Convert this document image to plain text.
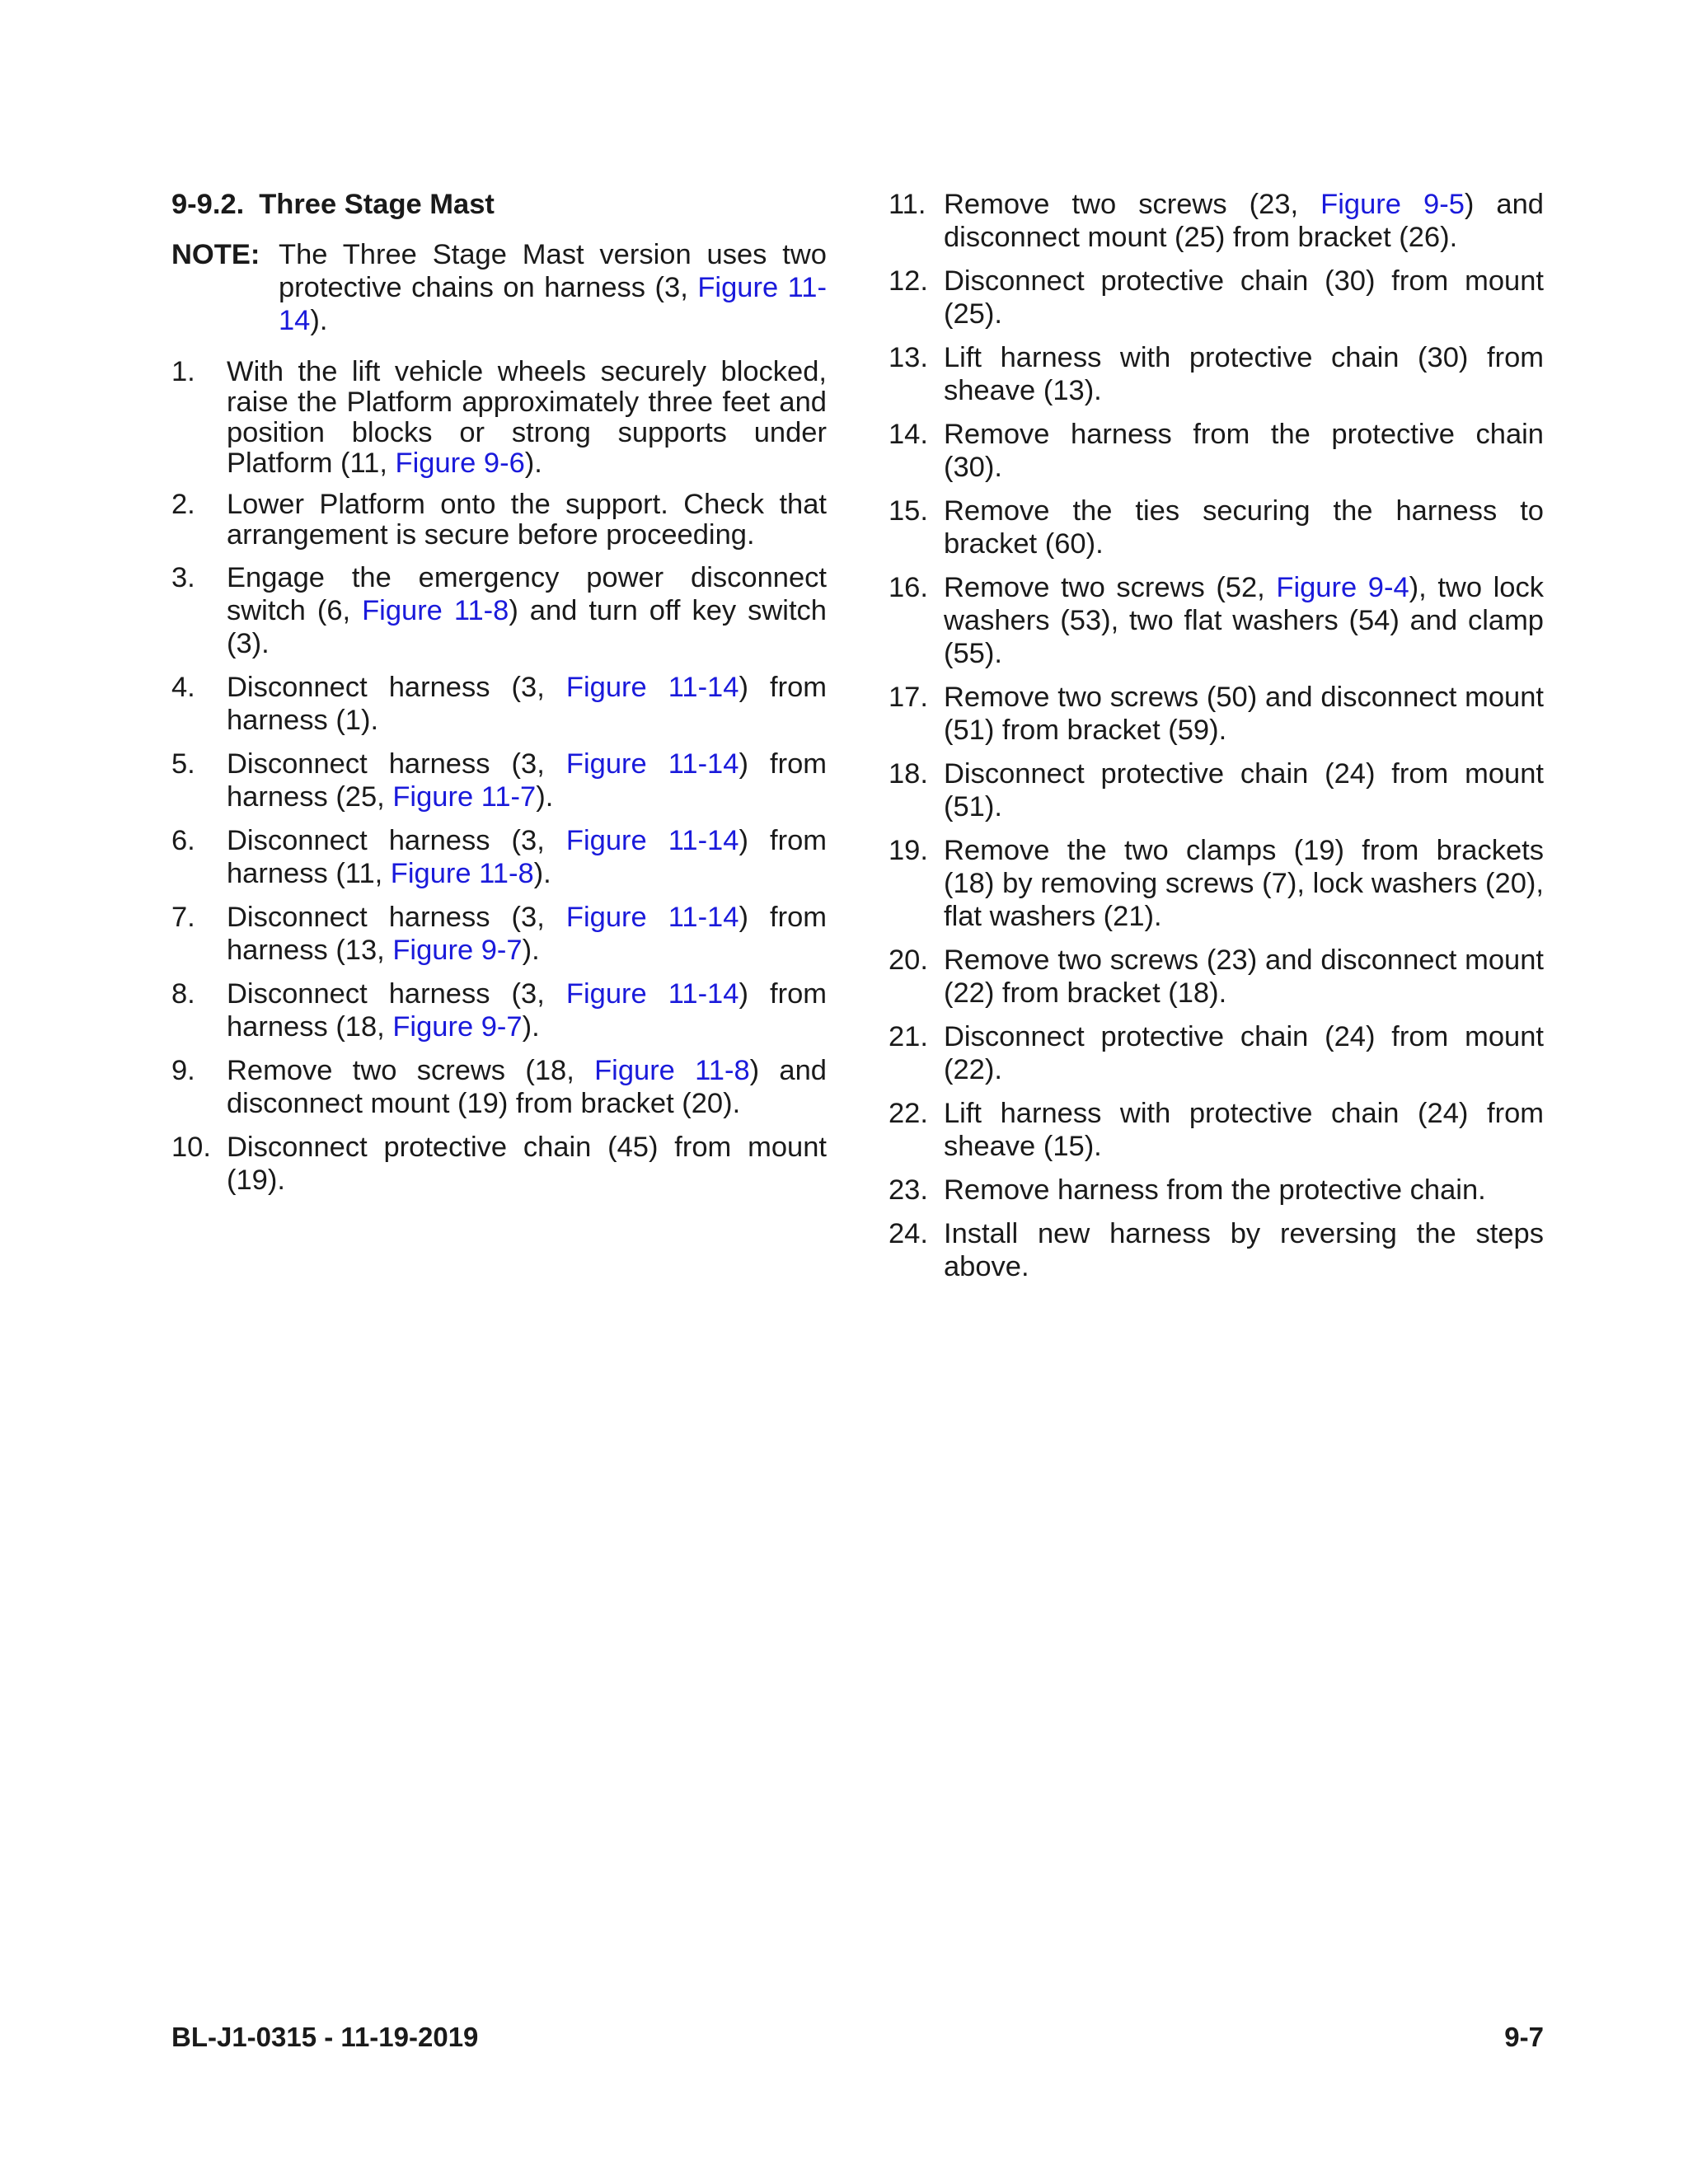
9-9.2. Three Stage Mast
NOTE: The Three Stage Mast version uses two protective chains on harness (3, Figure 11-14).
1.	With the lift vehicle wheels securely blocked, raise the Platform approximately three feet and position blocks or strong supports under Platform (11, Figure 9-6).
2.	Lower Platform onto the support. Check that arrangement is secure before proceeding.
3.	Engage the emergency power disconnect switch (6, Figure 11-8) and turn off key switch (3).
4.	Disconnect harness (3, Figure 11-14) from harness (1).
5.	Disconnect harness (3, Figure 11-14) from harness (25, Figure 11-7).
6.	Disconnect harness (3, Figure 11-14) from harness (11, Figure 11-8).
7.	Disconnect harness (3, Figure 11-14) from harness (13, Figure 9-7).
8.	Disconnect harness (3, Figure 11-14) from harness (18, Figure 9-7).
9.	Remove two screws (18, Figure 11-8) and disconnect mount (19) from bracket (20).
10. Disconnect protective chain (45) from mount (19).
11. Remove two screws (23, Figure 9-5) and disconnect mount (25) from bracket (26).
12. Disconnect protective chain (30) from mount (25).
13. Lift harness with protective chain (30) from sheave (13).
14. Remove harness from the protective chain (30).
15. Remove the ties securing the harness to bracket (60).
16. Remove two screws (52, Figure 9-4), two lock washers (53), two flat washers (54) and clamp (55).
17. Remove two screws (50) and disconnect mount (51) from bracket (59).
18. Disconnect protective chain (24) from mount (51).
19. Remove the two clamps (19) from brackets (18) by removing screws (7), lock washers (20), flat washers (21).
20. Remove two screws (23) and disconnect mount (22) from bracket (18).
21. Disconnect protective chain (24) from mount (22).
22. Lift harness with protective chain (24) from sheave (15).
23. Remove harness from the protective chain.
24. Install new harness by reversing the steps above.
BL-J1-0315 - 11-19-2019	9-7
